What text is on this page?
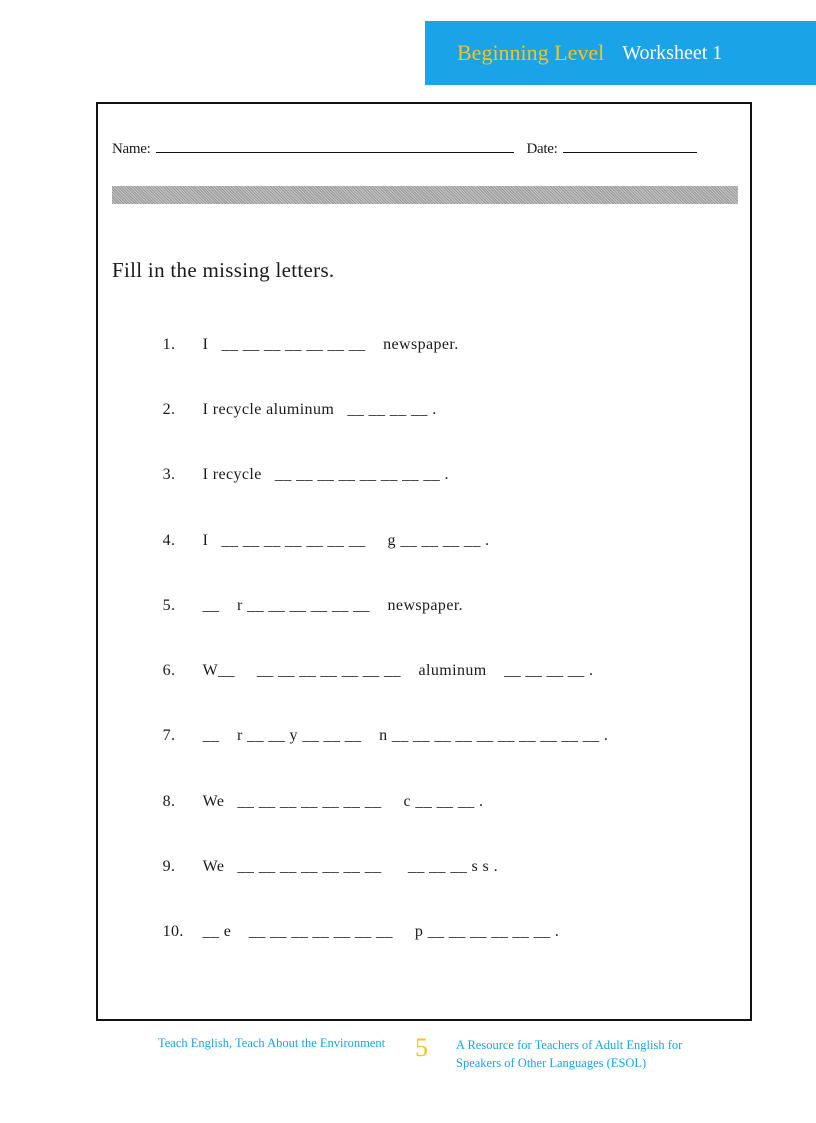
Beginning Level Worksheet 1
Name:	Date:
Fill in the missing letters.

1. I   __ __ __ __ __ __ __    newspaper.

2. I recycle aluminum   __ __ __ __ .

3. I recycle   __ __ __ __ __ __ __ __ .

4. I   __ __ __ __ __ __ __     g __ __ __ __ .

5. __    r __ __ __ __ __ __    newspaper.

6. W__     __ __ __ __ __ __ __    aluminum    __ __ __ __ .

7. __    r __ __ y __ __ __    n __ __ __ __ __ __ __ __ __ __ .

8. We   __ __ __ __ __ __ __     c __ __ __ .

9. We   __ __ __ __ __ __ __      __ __ __ s s .

10. __ e    __ __ __ __ __ __ __     p __ __ __ __ __ __ .

Teach English, Teach About the Environment 5 A Resource for Teachers of Adult English for
Speakers of Other Languages (ESOL)
